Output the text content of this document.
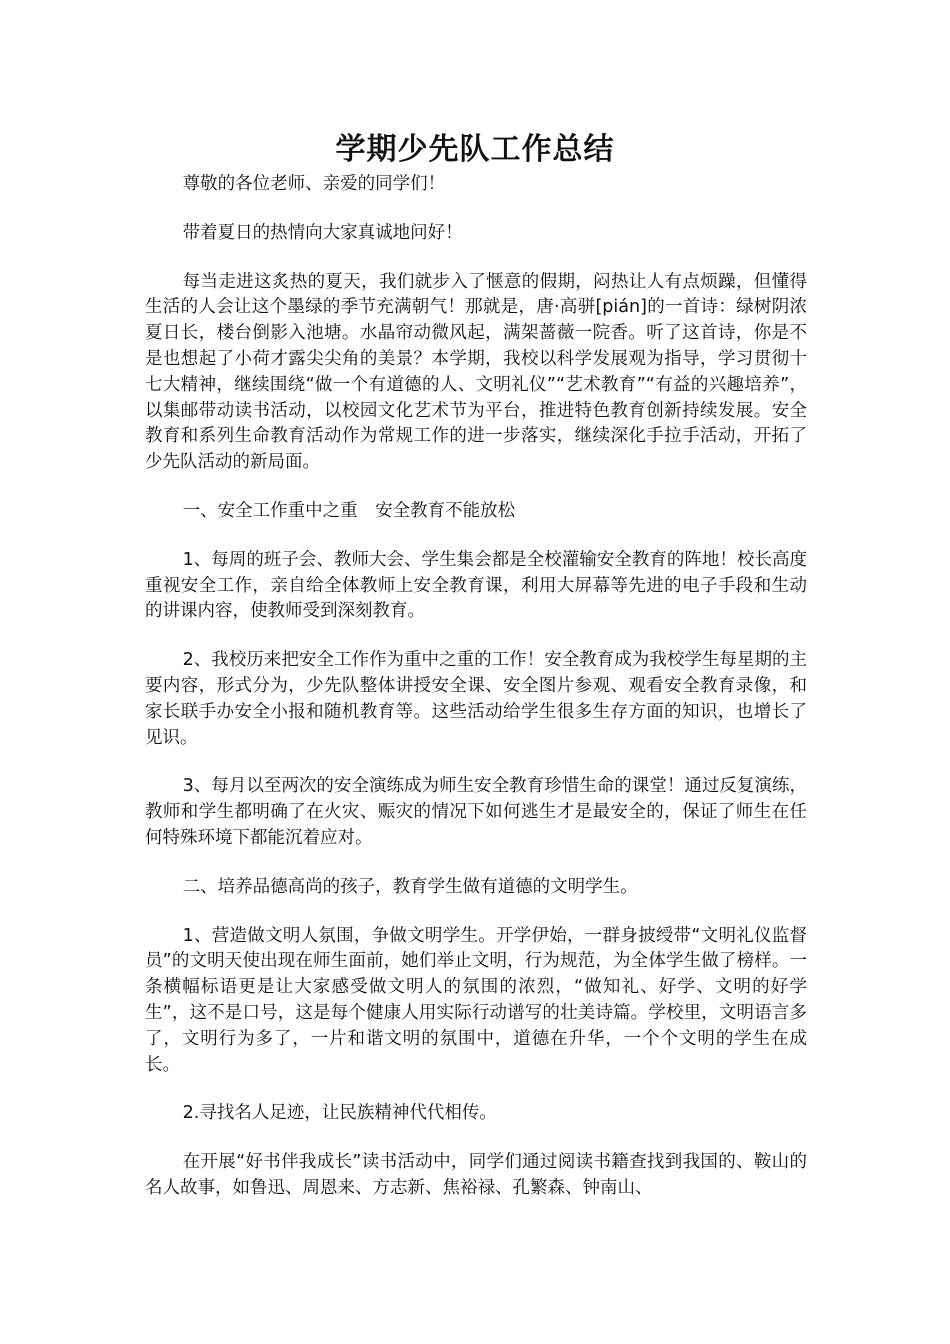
学期少先队工作总结

尊敬的各位老师、亲爱的同学们！

带着夏日的热情向大家真诚地问好！

每当走进这炙热的夏天，我们就步入了惬意的假期，闷热让人有点烦躁，但懂得生活的人会让这个墨绿的季节充满朝气！那就是，唐·高骈[pián]的一首诗：绿树阴浓夏日长，楼台倒影入池塘。水晶帘动微风起，满架蔷薇一院香。听了这首诗，你是不是也想起了小荷才露尖尖角的美景？本学期，我校以科学发展观为指导，学习贯彻十七大精神，继续围绕“做一个有道德的人、文明礼仪”“艺术教育”“有益的兴趣培养”，以集邮带动读书活动，以校园文化艺术节为平台，推进特色教育创新持续发展。安全教育和系列生命教育活动作为常规工作的进一步落实，继续深化手拉手活动，开拓了少先队活动的新局面。

一、安全工作重中之重　安全教育不能放松

1、每周的班子会、教师大会、学生集会都是全校灌输安全教育的阵地！校长高度重视安全工作，亲自给全体教师上安全教育课，利用大屏幕等先进的电子手段和生动的讲课内容，使教师受到深刻教育。

2、我校历来把安全工作作为重中之重的工作！安全教育成为我校学生每星期的主要内容，形式分为，少先队整体讲授安全课、安全图片参观、观看安全教育录像，和家长联手办安全小报和随机教育等。这些活动给学生很多生存方面的知识，也增长了见识。

3、每月以至两次的安全演练成为师生安全教育珍惜生命的课堂！通过反复演练，教师和学生都明确了在火灾、赈灾的情况下如何逃生才是最安全的，保证了师生在任何特殊环境下都能沉着应对。

二、培养品德高尚的孩子，教育学生做有道德的文明学生。

1、营造做文明人氛围，争做文明学生。开学伊始，一群身披绶带“文明礼仪监督员”的文明天使出现在师生面前，她们举止文明，行为规范，为全体学生做了榜样。一条横幅标语更是让大家感受做文明人的氛围的浓烈，“做知礼、好学、文明的好学生”，这不是口号，这是每个健康人用实际行动谱写的壮美诗篇。学校里，文明语言多了，文明行为多了，一片和谐文明的氛围中，道德在升华，一个个文明的学生在成长。

2.寻找名人足迹，让民族精神代代相传。

在开展“好书伴我成长”读书活动中，同学们通过阅读书籍查找到我国的、鞍山的名人故事，如鲁迅、周恩来、方志新、焦裕禄、孔繁森、钟南山、
